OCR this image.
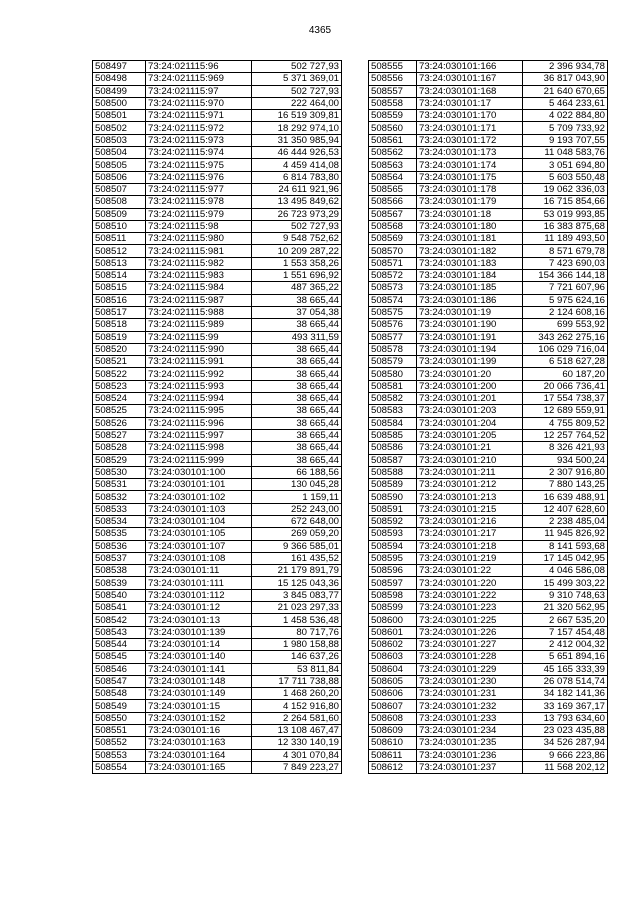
4365
508497	73:24:021115:96	502 727,93
508498	73:24:021115:969	5 371 369,01
508499	73:24:021115:97	502 727,93
508500	73:24:021115:970	222 464,00
508501	73:24:021115:971	16 519 309,81
508502	73:24:021115:972	18 292 974,10
508503	73:24:021115:973	31 350 985,94
508504	73:24:021115:974	46 444 926,53
508505	73:24:021115:975	4 459 414,08
508506	73:24:021115:976	6 814 783,80
508507	73:24:021115:977	24 611 921,96
508508	73:24:021115:978	13 495 849,62
508509	73:24:021115:979	26 723 973,29
508510	73:24:021115:98	502 727,93
508511	73:24:021115:980	9 548 752,62
508512	73:24:021115:981	10 209 287,22
508513	73:24:021115:982	1 553 358,26
508514	73:24:021115:983	1 551 696,92
508515	73:24:021115:984	487 365,22
508516	73:24:021115:987	38 665,44
508517	73:24:021115:988	37 054,38
508518	73:24:021115:989	38 665,44
508519	73:24:021115:99	493 311,59
508520	73:24:021115:990	38 665,44
508521	73:24:021115:991	38 665,44
508522	73:24:021115:992	38 665,44
508523	73:24:021115:993	38 665,44
508524	73:24:021115:994	38 665,44
508525	73:24:021115:995	38 665,44
508526	73:24:021115:996	38 665,44
508527	73:24:021115:997	38 665,44
508528	73:24:021115:998	38 665,44
508529	73:24:021115:999	38 665,44
508530	73:24:030101:100	66 188,56
508531	73:24:030101:101	130 045,28
508532	73:24:030101:102	1 159,11
508533	73:24:030101:103	252 243,00
508534	73:24:030101:104	672 648,00
508535	73:24:030101:105	269 059,20
508536	73:24:030101:107	9 366 585,01
508537	73:24:030101:108	161 435,52
508538	73:24:030101:11	21 179 891,79
508539	73:24:030101:111	15 125 043,36
508540	73:24:030101:112	3 845 083,77
508541	73:24:030101:12	21 023 297,33
508542	73:24:030101:13	1 458 536,48
508543	73:24:030101:139	80 717,76
508544	73:24:030101:14	1 980 158,88
508545	73:24:030101:140	146 637,26
508546	73:24:030101:141	53 811,84
508547	73:24:030101:148	17 711 738,88
508548	73:24:030101:149	1 468 260,20
508549	73:24:030101:15	4 152 916,80
508550	73:24:030101:152	2 264 581,60
508551	73:24:030101:16	13 108 467,47
508552	73:24:030101:163	12 330 140,19
508553	73:24:030101:164	4 301 070,84
508554	73:24:030101:165	7 849 223,27
508555	73:24:030101:166	2 396 934,78
508556	73:24:030101:167	36 817 043,90
508557	73:24:030101:168	21 640 670,65
508558	73:24:030101:17	5 464 233,61
508559	73:24:030101:170	4 022 884,80
508560	73:24:030101:171	5 709 733,92
508561	73:24:030101:172	9 193 707,55
508562	73:24:030101:173	11 048 583,76
508563	73:24:030101:174	3 051 694,80
508564	73:24:030101:175	5 603 550,48
508565	73:24:030101:178	19 062 336,03
508566	73:24:030101:179	16 715 854,66
508567	73:24:030101:18	53 019 993,85
508568	73:24:030101:180	16 383 875,68
508569	73:24:030101:181	11 189 493,50
508570	73:24:030101:182	8 571 679,78
508571	73:24:030101:183	7 423 690,03
508572	73:24:030101:184	154 366 144,18
508573	73:24:030101:185	7 721 607,96
508574	73:24:030101:186	5 975 624,16
508575	73:24:030101:19	2 124 608,16
508576	73:24:030101:190	699 553,92
508577	73:24:030101:191	343 262 275,16
508578	73:24:030101:194	106 029 716,04
508579	73:24:030101:199	6 518 627,28
508580	73:24:030101:20	60 187,20
508581	73:24:030101:200	20 066 736,41
508582	73:24:030101:201	17 554 738,37
508583	73:24:030101:203	12 689 559,91
508584	73:24:030101:204	4 755 809,52
508585	73:24:030101:205	12 257 764,52
508586	73:24:030101:21	8 326 421,93
508587	73:24:030101:210	934 500,24
508588	73:24:030101:211	2 307 916,80
508589	73:24:030101:212	7 880 143,25
508590	73:24:030101:213	16 639 488,91
508591	73:24:030101:215	12 407 628,60
508592	73:24:030101:216	2 238 485,04
508593	73:24:030101:217	11 945 826,92
508594	73:24:030101:218	8 141 593,68
508595	73:24:030101:219	17 145 042,95
508596	73:24:030101:22	4 046 586,08
508597	73:24:030101:220	15 499 303,22
508598	73:24:030101:222	9 310 748,63
508599	73:24:030101:223	21 320 562,95
508600	73:24:030101:225	2 667 535,20
508601	73:24:030101:226	7 157 454,48
508602	73:24:030101:227	2 412 004,32
508603	73:24:030101:228	5 651 894,16
508604	73:24:030101:229	45 165 333,39
508605	73:24:030101:230	26 078 514,74
508606	73:24:030101:231	34 182 141,36
508607	73:24:030101:232	33 169 367,17
508608	73:24:030101:233	13 793 634,60
508609	73:24:030101:234	23 023 435,88
508610	73:24:030101:235	34 526 287,94
508611	73:24:030101:236	9 666 223,86
508612	73:24:030101:237	11 568 202,12
